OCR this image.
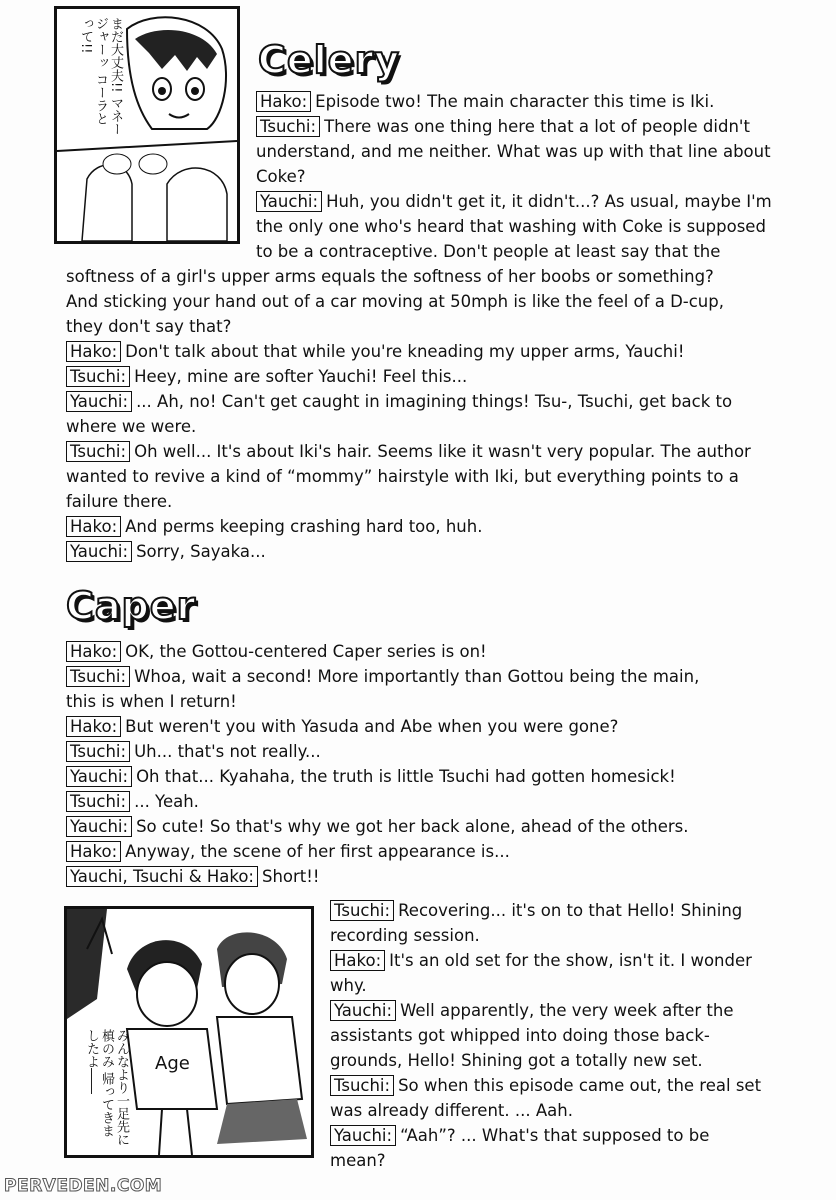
まだ大丈夫!! マネージャーッ コーラとって!!
Celery
Hako: Episode two! The main character this time is Iki.
Tsuchi: There was one thing here that a lot of people didn't
understand, and me neither. What was up with that line about
Coke?
Yauchi: Huh, you didn't get it, it didn't...? As usual, maybe I'm
the only one who's heard that washing with Coke is supposed
to be a contraceptive. Don't people at least say that the
softness of a girl's upper arms equals the softness of her boobs or something?
And sticking your hand out of a car moving at 50mph is like the feel of a D-cup,
they don't say that?
Hako: Don't talk about that while you're kneading my upper arms, Yauchi!
Tsuchi: Heey, mine are softer Yauchi! Feel this...
Yauchi: ... Ah, no! Can't get caught in imagining things! Tsu-, Tsuchi, get back to
where we were.
Tsuchi: Oh well... It's about Iki's hair. Seems like it wasn't very popular. The author
wanted to revive a kind of “mommy” hairstyle with Iki, but everything points to a
failure there.
Hako: And perms keeping crashing hard too, huh.
Yauchi: Sorry, Sayaka...
Caper
Hako: OK, the Gottou-centered Caper series is on!
Tsuchi: Whoa, wait a second! More importantly than Gottou being the main,
this is when I return!
Hako: But weren't you with Yasuda and Abe when you were gone?
Tsuchi: Uh... that's not really...
Yauchi: Oh that... Kyahaha, the truth is little Tsuchi had gotten homesick!
Tsuchi: ... Yeah.
Yauchi: So cute! So that's why we got her back alone, ahead of the others.
Hako: Anyway, the scene of her first appearance is...
Yauchi, Tsuchi & Hako: Short!!
Age
みんなより一足先に 槙のみ 帰ってきましたよ――
Tsuchi: Recovering... it's on to that Hello! Shining
recording session.
Hako: It's an old set for the show, isn't it. I wonder
why.
Yauchi: Well apparently, the very week after the
assistants got whipped into doing those back-
grounds, Hello! Shining got a totally new set.
Tsuchi: So when this episode came out, the real set
was already different. ... Aah.
Yauchi: “Aah”? ... What's that supposed to be
mean?
PERVEDEN.COM
